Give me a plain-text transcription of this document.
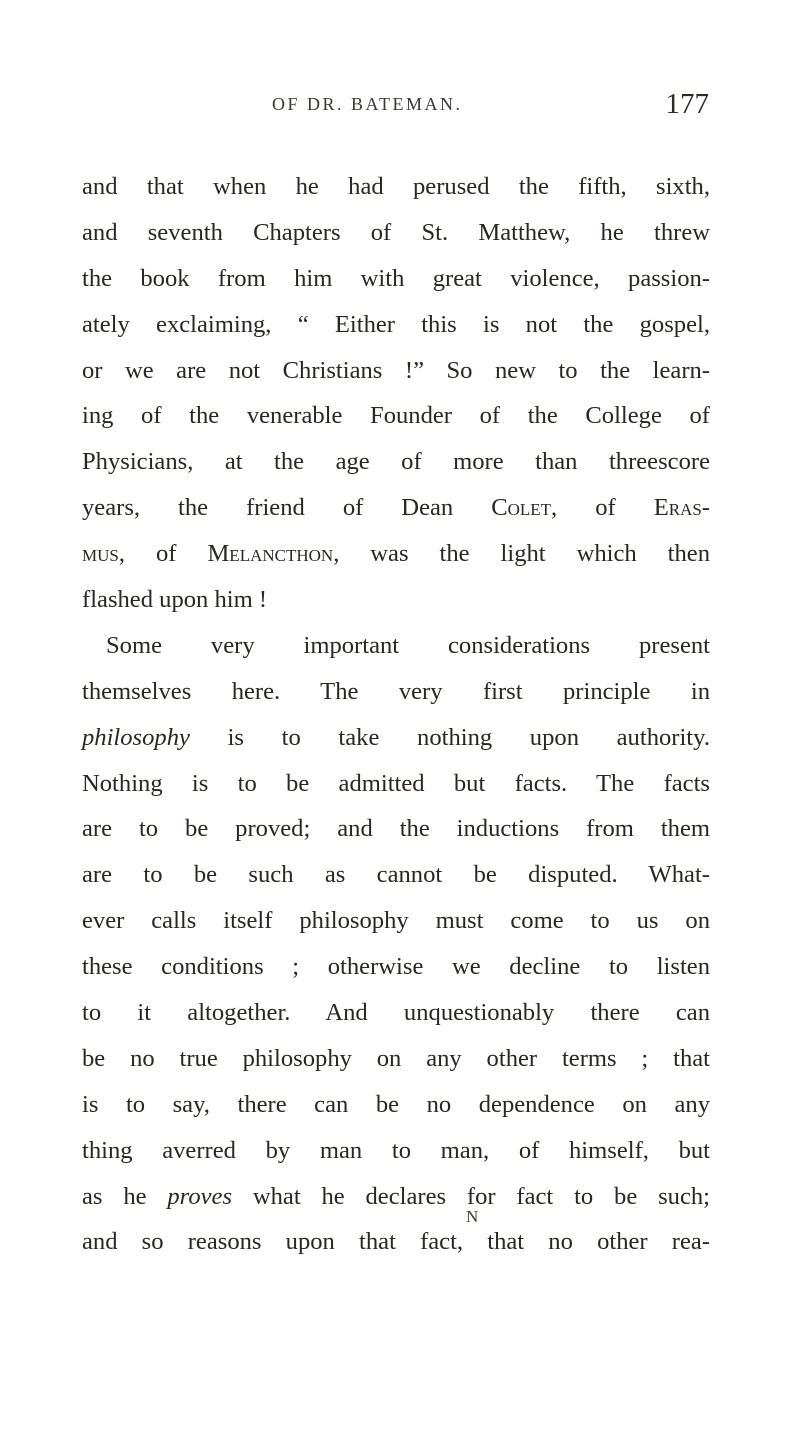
OF DR. BATEMAN.	177
and that when he had perused the fifth, sixth,
and seventh Chapters of St. Matthew, he threw
the book from him with great violence, passion-
ately exclaiming, “ Either this is not the gospel,
or we are not Christians !” So new to the learn-
ing of the venerable Founder of the College of
Physicians, at the age of more than threescore
years, the friend of Dean Colet, of Eras-
mus, of Melancthon, was the light which then
flashed upon him !
Some very important considerations present
themselves here. The very first principle in
philosophy is to take nothing upon authority.
Nothing is to be admitted but facts. The facts
are to be proved; and the inductions from them
are to be such as cannot be disputed. What-
ever calls itself philosophy must come to us on
these conditions ; otherwise we decline to listen
to it altogether. And unquestionably there can
be no true philosophy on any other terms ; that
is to say, there can be no dependence on any
thing averred by man to man, of himself, but
as he proves what he declares for fact to be such;
and so reasons upon that fact, that no other rea-
N
